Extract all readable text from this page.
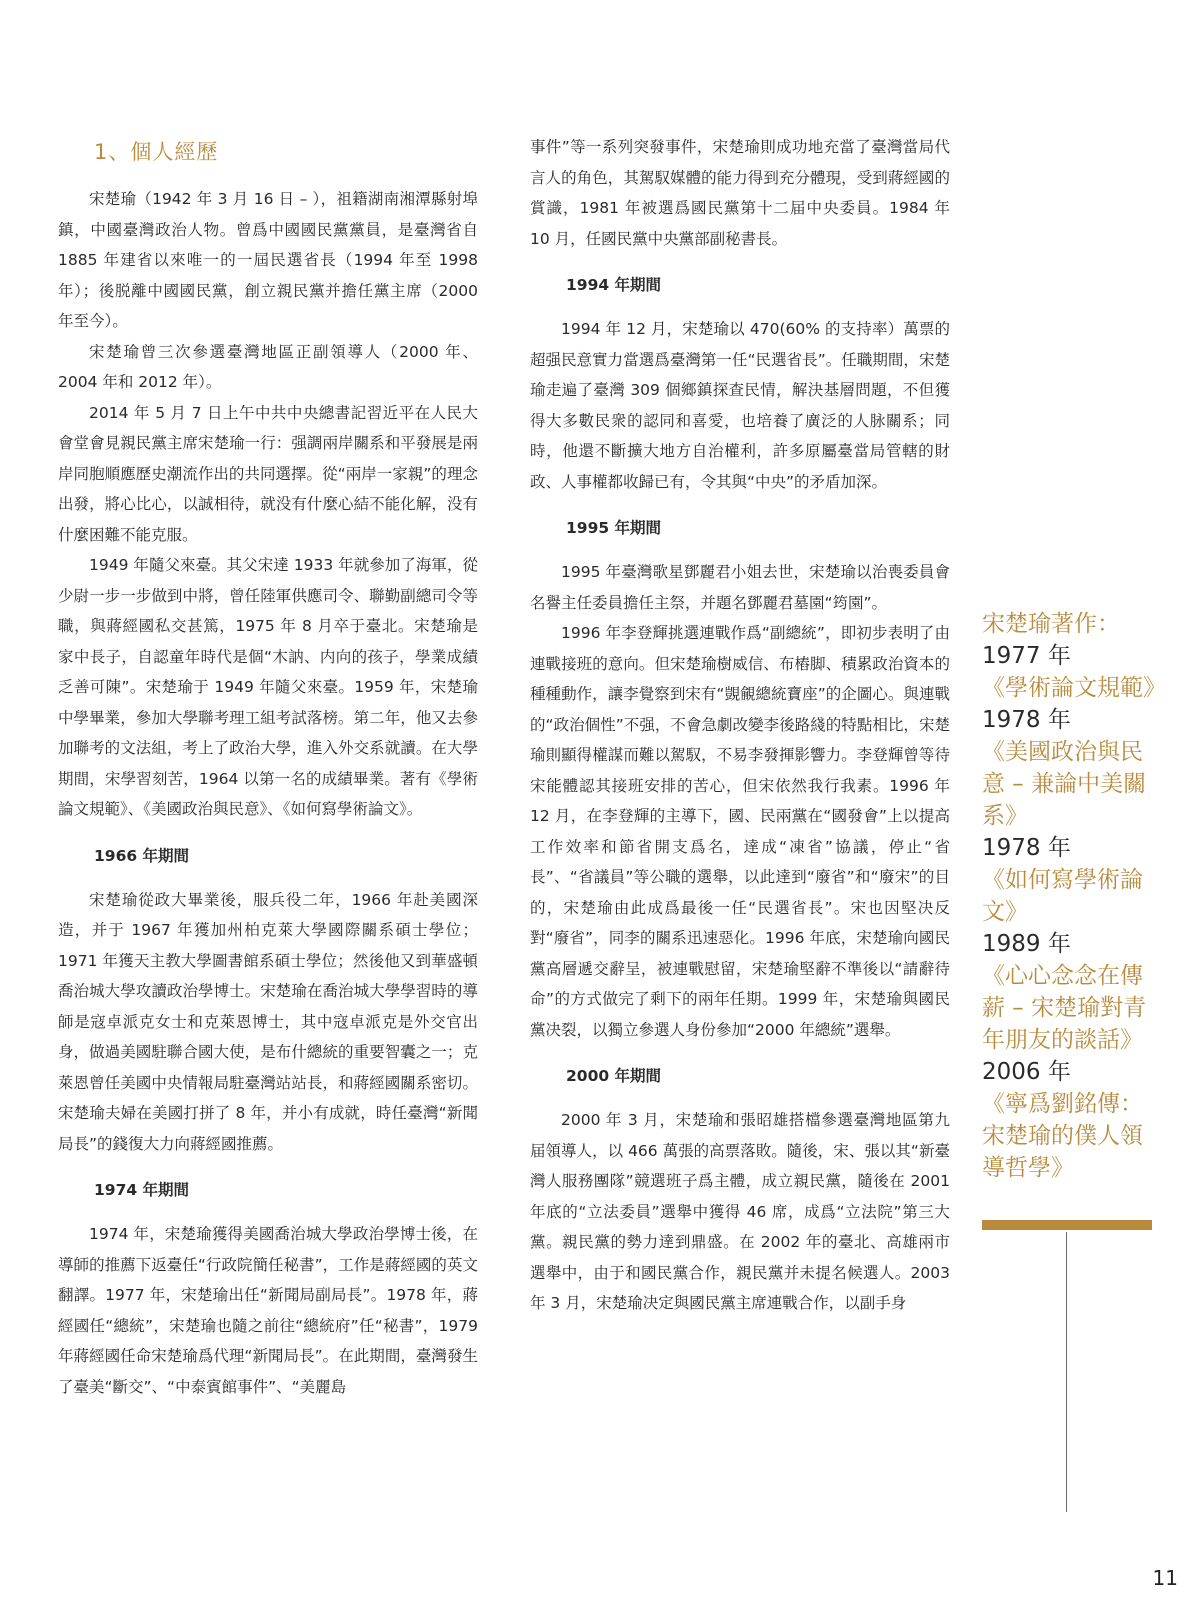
1、個人經歷

宋楚瑜（1942 年 3 月 16 日 – ），祖籍湖南湘潭縣射埠鎮，中國臺灣政治人物。曾爲中國國民黨黨員，是臺灣省自 1885 年建省以來唯一的一屆民選省長（1994 年至 1998 年）；後脱離中國國民黨，創立親民黨并擔任黨主席（2000 年至今）。

宋楚瑜曾三次參選臺灣地區正副領導人（2000 年、2004 年和 2012 年）。

2014 年 5 月 7 日上午中共中央總書記習近平在人民大會堂會見親民黨主席宋楚瑜一行：强調兩岸關系和平發展是兩岸同胞順應歷史潮流作出的共同選擇。從“兩岸一家親”的理念出發，將心比心，以誠相待，就没有什麼心結不能化解，没有什麼困難不能克服。

1949 年隨父來臺。其父宋達 1933 年就參加了海軍，從少尉一步一步做到中將，曾任陸軍供應司令、聯勤副總司令等職，與蔣經國私交甚篤，1975 年 8 月卒于臺北。宋楚瑜是家中長子，自認童年時代是個“木訥、内向的孩子，學業成績乏善可陳”。宋楚瑜于 1949 年隨父來臺。1959 年，宋楚瑜中學畢業，參加大學聯考理工組考試落榜。第二年，他又去參加聯考的文法組，考上了政治大學，進入外交系就讀。在大學期間，宋學習刻苦，1964 以第一名的成績畢業。著有《學術論文規範》、《美國政治與民意》、《如何寫學術論文》。

1966 年期間

宋楚瑜從政大畢業後，服兵役二年，1966 年赴美國深造，并于 1967 年獲加州柏克萊大學國際關系碩士學位；1971 年獲天主教大學圖書館系碩士學位；然後他又到華盛頓喬治城大學攻讀政治學博士。宋楚瑜在喬治城大學學習時的導師是寇卓派克女士和克萊恩博士，其中寇卓派克是外交官出身，做過美國駐聯合國大使，是布什總統的重要智囊之一；克萊恩曾任美國中央情報局駐臺灣站站長，和蔣經國關系密切。宋楚瑜夫婦在美國打拼了 8 年，并小有成就，時任臺灣“新聞局長”的錢復大力向蔣經國推薦。

1974 年期間

1974 年，宋楚瑜獲得美國喬治城大學政治學博士後，在導師的推薦下返臺任“行政院簡任秘書”，工作是蔣經國的英文翻譯。1977 年，宋楚瑜出任“新聞局副局長”。1978 年，蔣經國任“總統”，宋楚瑜也隨之前往“總統府”任“秘書”，1979 年蔣經國任命宋楚瑜爲代理“新聞局長”。在此期間，臺灣發生了臺美“斷交”、“中泰賓館事件”、“美麗島

事件”等一系列突發事件，宋楚瑜則成功地充當了臺灣當局代言人的角色，其駕馭媒體的能力得到充分體現，受到蔣經國的賞識，1981 年被選爲國民黨第十二届中央委員。1984 年 10 月，任國民黨中央黨部副秘書長。

1994 年期間

1994 年 12 月，宋楚瑜以 470(60% 的支持率）萬票的超强民意實力當選爲臺灣第一任“民選省長”。任職期間，宋楚瑜走遍了臺灣 309 個鄉鎮探查民情，解決基層問題，不但獲得大多數民衆的認同和喜愛，也培養了廣泛的人脉關系；同時，他還不斷擴大地方自治權利，許多原屬臺當局管轄的財政、人事權都收歸已有，令其與“中央”的矛盾加深。

1995 年期間

1995 年臺灣歌星鄧麗君小姐去世，宋楚瑜以治喪委員會名譽主任委員擔任主祭，并題名鄧麗君墓園“筠園”。

1996 年李登輝挑選連戰作爲“副總統”，即初步表明了由連戰接班的意向。但宋楚瑜樹威信、布樁脚、積累政治資本的種種動作，讓李覺察到宋有“覬覦總統寶座”的企圖心。與連戰的“政治個性”不强，不會急劇改變李後路綫的特點相比，宋楚瑜則顯得權謀而難以駕馭，不易李發揮影響力。李登輝曾等待宋能體認其接班安排的苦心，但宋依然我行我素。1996 年 12 月，在李登輝的主導下，國、民兩黨在“國發會”上以提高工作效率和節省開支爲名，達成“凍省”協議，停止“省長”、“省議員”等公職的選舉，以此達到“廢省”和“廢宋”的目的，宋楚瑜由此成爲最後一任“民選省長”。宋也因堅决反對“廢省”，同李的關系迅速惡化。1996 年底，宋楚瑜向國民黨高層遞交辭呈，被連戰慰留，宋楚瑜堅辭不準後以“請辭待命”的方式做完了剩下的兩年任期。1999 年，宋楚瑜與國民黨决裂，以獨立參選人身份參加“2000 年總統”選舉。

2000 年期間

2000 年 3 月，宋楚瑜和張昭雄搭檔參選臺灣地區第九届領導人，以 466 萬張的高票落敗。隨後，宋、張以其“新臺灣人服務團隊”競選班子爲主體，成立親民黨，隨後在 2001 年底的“立法委員”選舉中獲得 46 席，成爲“立法院”第三大黨。親民黨的勢力達到鼎盛。在 2002 年的臺北、高雄兩市選舉中，由于和國民黨合作，親民黨并未提名候選人。2003 年 3 月，宋楚瑜决定與國民黨主席連戰合作，以副手身

宋楚瑜著作：

1977 年

《學術論文規範》

1978 年

《美國政治與民

意 – 兼論中美關

系》

1978 年

《如何寫學術論

文》

1989 年

《心心念念在傳

薪 – 宋楚瑜對青

年朋友的談話》

2006 年

《寧爲劉銘傳：

宋楚瑜的僕人領

導哲學》

11
